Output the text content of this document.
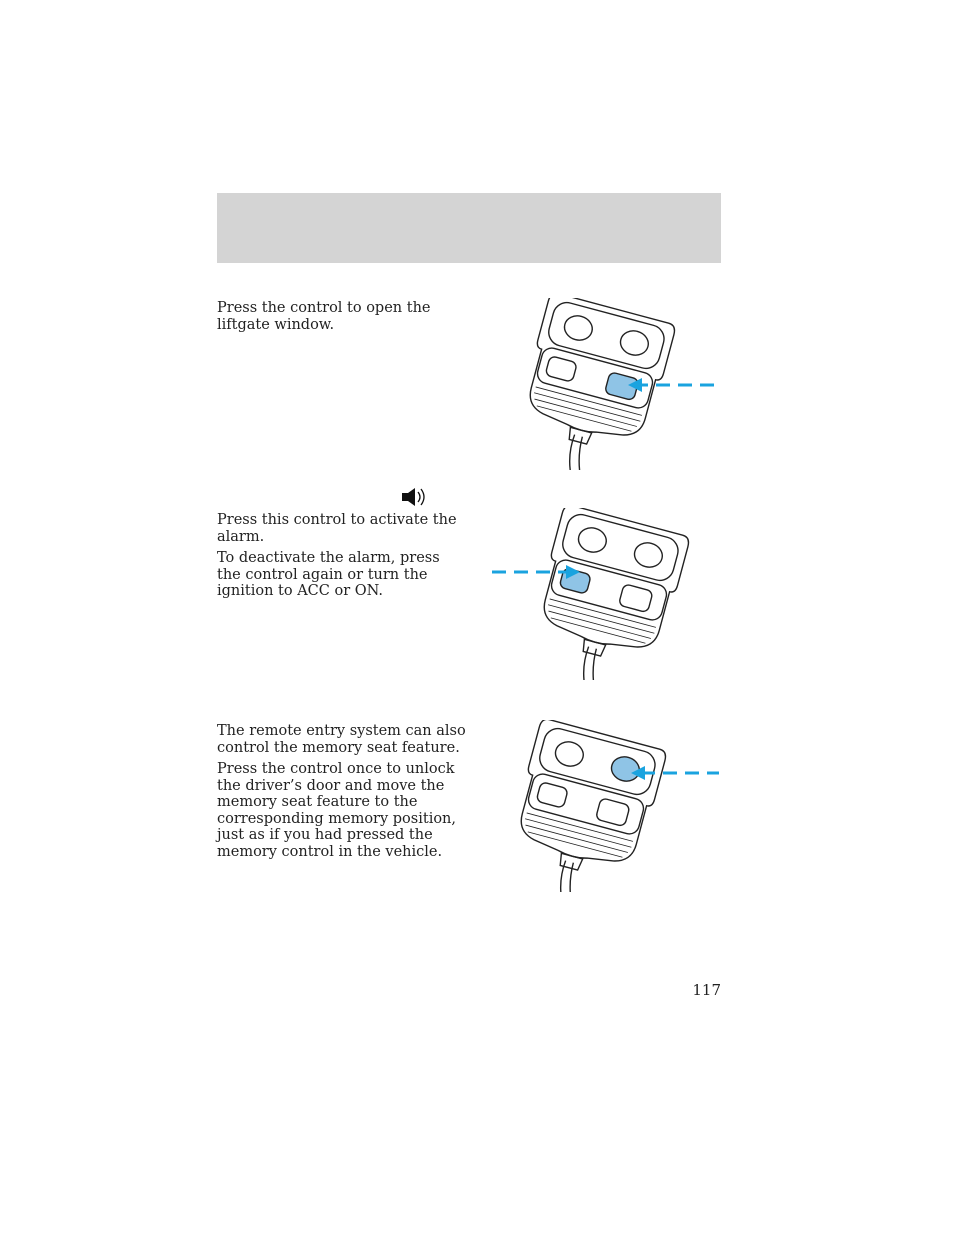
Press the control to open the liftgate window.

Press this control to activate the alarm.

To deactivate the alarm, press the control again or turn the ignition to ACC or ON.

The remote entry system can also control the memory seat feature.

Press the control once to unlock the driver’s door and move the memory seat feature to the corresponding memory position, just as if you had pressed the memory control in the vehicle.

117
